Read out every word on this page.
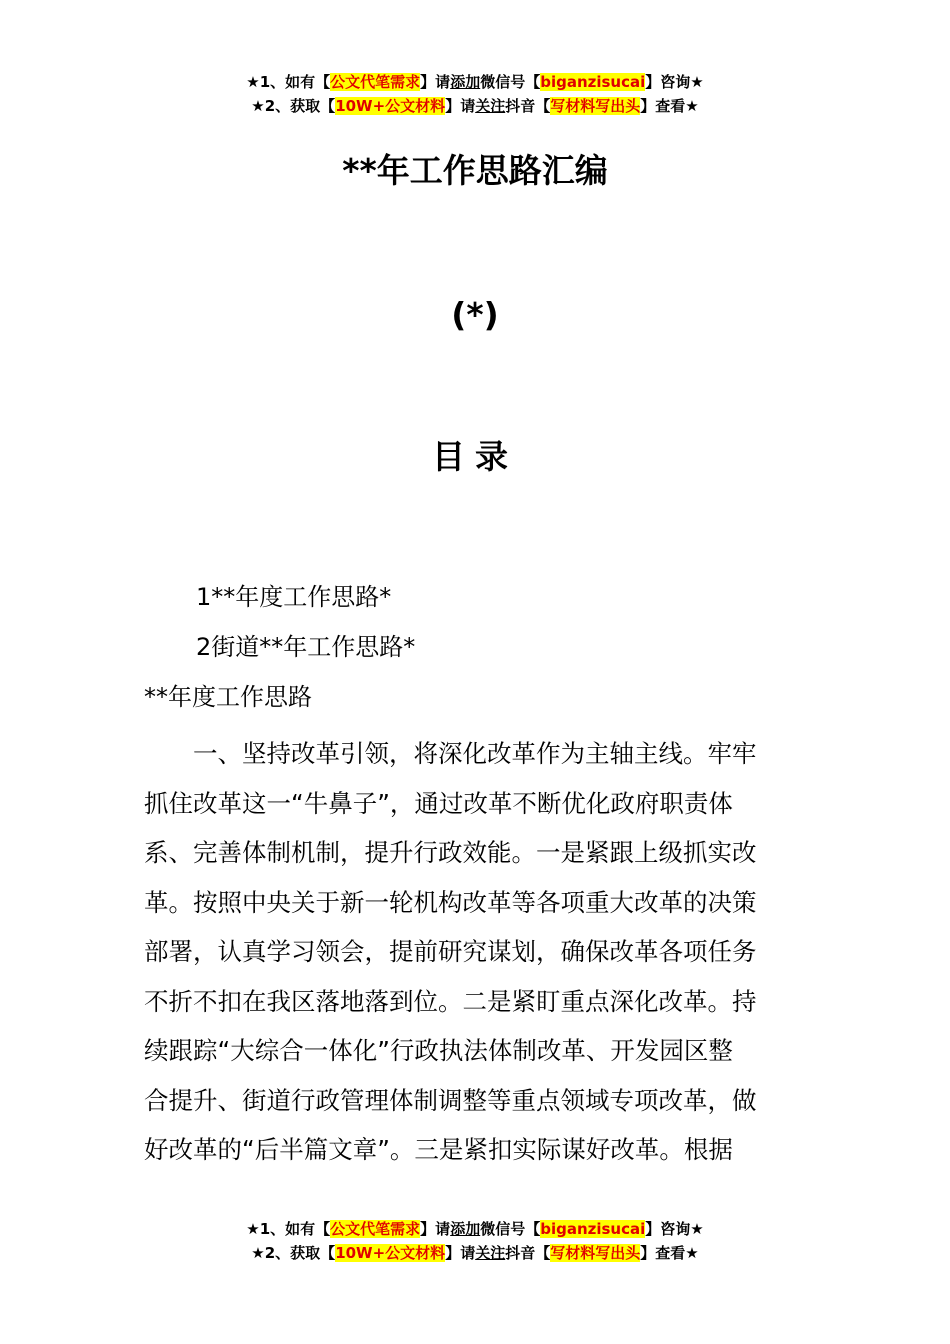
★1、如有【公文代笔需求】请添加微信号【biganzisucai】咨询★
★2、获取【10W+公文材料】请关注抖音【写材料写出头】查看★
**年工作思路汇编
(*)
目录
1**年度工作思路*
2街道**年工作思路*
**年度工作思路
一、坚持改革引领，将深化改革作为主轴主线。牢牢
抓住改革这一“牛鼻子”，通过改革不断优化政府职责体
系、完善体制机制，提升行政效能。一是紧跟上级抓实改
革。按照中央关于新一轮机构改革等各项重大改革的决策
部署，认真学习领会，提前研究谋划，确保改革各项任务
不折不扣在我区落地落到位。二是紧盯重点深化改革。持
续跟踪“大综合一体化”行政执法体制改革、开发园区整
合提升、街道行政管理体制调整等重点领域专项改革，做
好改革的“后半篇文章”。三是紧扣实际谋好改革。根据
★1、如有【公文代笔需求】请添加微信号【biganzisucai】咨询★
★2、获取【10W+公文材料】请关注抖音【写材料写出头】查看★
